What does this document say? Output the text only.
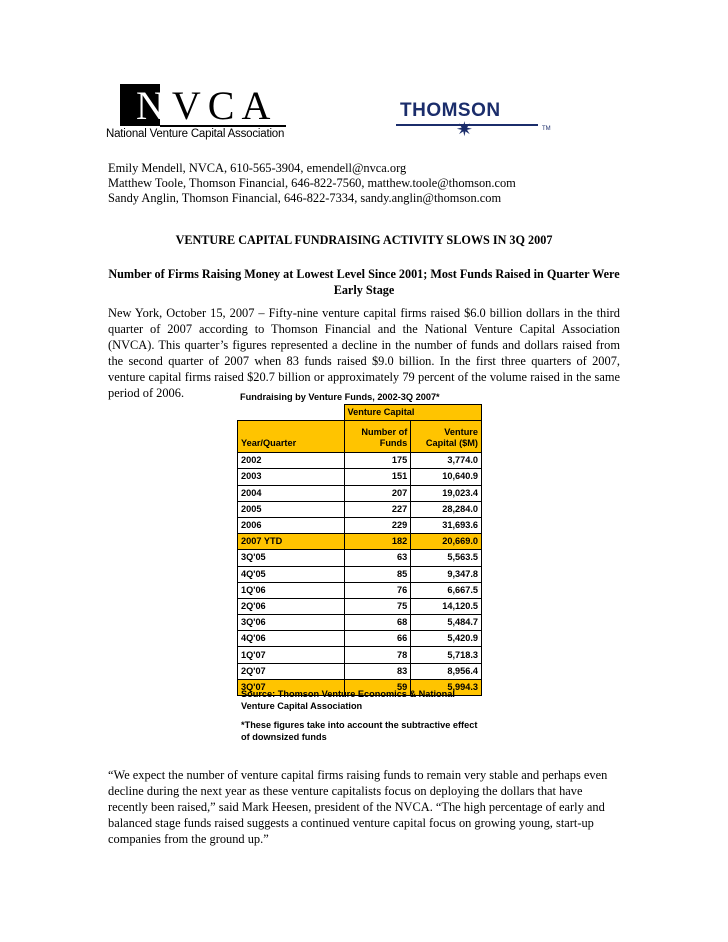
NVCA
National Venture Capital Association
THOMSON
✷	TM
Emily Mendell, NVCA, 610-565-3904, emendell@nvca.org
Matthew Toole, Thomson Financial, 646-822-7560, matthew.toole@thomson.com
Sandy Anglin, Thomson Financial, 646-822-7334, sandy.anglin@thomson.com
VENTURE CAPITAL FUNDRAISING ACTIVITY SLOWS IN 3Q 2007
Number of Firms Raising Money at Lowest Level Since 2001; Most Funds Raised in Quarter Were Early Stage
New York, October 15, 2007 – Fifty-nine venture capital firms raised $6.0 billion dollars in the third quarter of 2007 according to Thomson Financial and the National Venture Capital Association (NVCA). This quarter’s figures represented a decline in the number of funds and dollars raised from the second quarter of 2007 when 83 funds raised $9.0 billion. In the first three quarters of 2007, venture capital firms raised $20.7 billion or approximately 79 percent of the volume raised in the same period of 2006.	Fundraising by Venture Funds, 2002-3Q 2007*
	Venture Capital	
Year/Quarter	Number of Funds	Venture Capital ($M)
2002	175	3,774.0
2003	151	10,640.9
2004	207	19,023.4
2005	227	28,284.0
2006	229	31,693.6
2007 YTD	182	20,669.0
3Q'05	63	5,563.5
4Q'05	85	9,347.8
1Q'06	76	6,667.5
2Q'06	75	14,120.5
3Q'06	68	5,484.7
4Q'06	66	5,420.9
1Q'07	78	5,718.3
2Q'07	83	8,956.4
3Q'07	59	5,994.3
Source: Thomson Venture Economics & National Venture Capital Association
*These figures take into account the subtractive effect of downsized funds
“We expect the number of venture capital firms raising funds to remain very stable and perhaps even decline during the next year as these venture capitalists focus on deploying the dollars that have recently been raised,” said Mark Heesen, president of the NVCA. “The high percentage of early and balanced stage funds raised suggests a continued venture capital focus on growing young, start-up companies from the ground up.”
